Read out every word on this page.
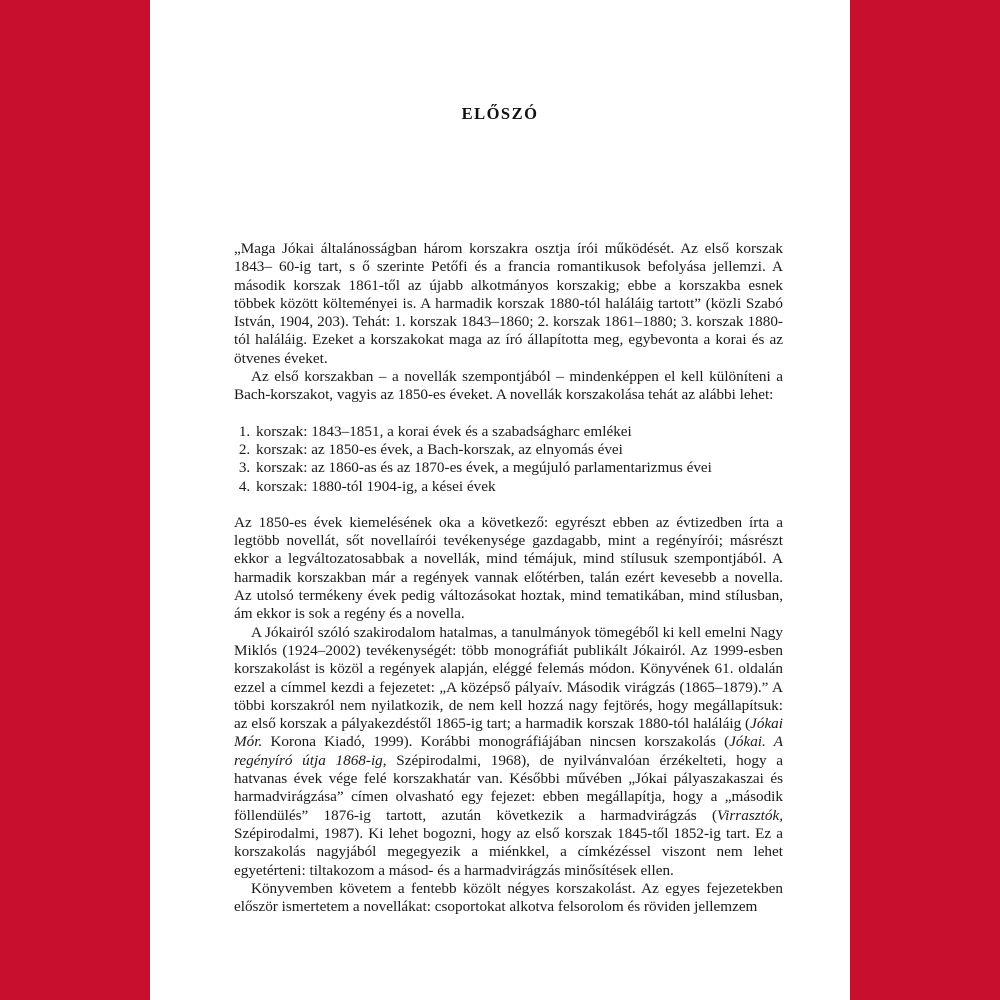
ELŐSZÓ

„Maga Jókai általánosságban három korszakra osztja írói működését. Az első korszak 1843– 60-ig tart, s ő szerinte Petőfi és a francia romantikusok befolyása jellemzi. A második korszak 1861-től az újabb alkotmányos korszakig; ebbe a korszakba esnek többek között költeményei is. A harmadik korszak 1880-tól haláláig tartott” (közli Szabó István, 1904, 203). Tehát: 1. korszak 1843–1860; 2. korszak 1861–1880; 3. korszak 1880-tól haláláig. Ezeket a korszakokat maga az író állapította meg, egybevonta a korai és az ötvenes éveket.

Az első korszakban – a novellák szempontjából – mindenképpen el kell különíteni a Bach-korszakot, vagyis az 1850-es éveket. A novellák korszakolása tehát az alábbi lehet:

1. korszak: 1843–1851, a korai évek és a szabadságharc emlékei
2. korszak: az 1850-es évek, a Bach-korszak, az elnyomás évei
3. korszak: az 1860-as és az 1870-es évek, a megújuló parlamentarizmus évei
4. korszak: 1880-tól 1904-ig, a kései évek

Az 1850-es évek kiemelésének oka a következő: egyrészt ebben az évtizedben írta a legtöbb novellát, sőt novellaírói tevékenysége gazdagabb, mint a regényírói; másrészt ekkor a legváltozatosabbak a novellák, mind témájuk, mind stílusuk szempontjából. A harmadik korszakban már a regények vannak előtérben, talán ezért kevesebb a novella. Az utolsó termékeny évek pedig változásokat hoztak, mind tematikában, mind stílusban, ám ekkor is sok a regény és a novella.

A Jókairól szóló szakirodalom hatalmas, a tanulmányok tömegéből ki kell emelni Nagy Miklós (1924–2002) tevékenységét: több monográfiát publikált Jókairól. Az 1999-esben korszakolást is közöl a regények alapján, eléggé felemás módon. Könyvének 61. oldalán ezzel a címmel kezdi a fejezetet: „A középső pályaív. Második virágzás (1865–1879).” A többi korszakról nem nyilatkozik, de nem kell hozzá nagy fejtörés, hogy megállapítsuk: az első korszak a pályakezdéstől 1865-ig tart; a harmadik korszak 1880-tól haláláig (Jókai Mór. Korona Kiadó, 1999). Korábbi monográfiájában nincsen korszakolás (Jókai. A regényíró útja 1868-ig, Szépirodalmi, 1968), de nyilvánvalóan érzékelteti, hogy a hatvanas évek vége felé korszakhatár van. Későbbi művében „Jókai pályaszakaszai és harmadvirágzása” címen olvasható egy fejezet: ebben megállapítja, hogy a „második föllendülés” 1876-ig tartott, azután következik a harmadvirágzás (Virrasztók, Szépirodalmi, 1987). Ki lehet bogozni, hogy az első korszak 1845-től 1852-ig tart. Ez a korszakolás nagyjából megegyezik a miénkkel, a címkézéssel viszont nem lehet egyetérteni: tiltakozom a másod- és a harmadvirágzás minősítések ellen.

Könyvemben követem a fentebb közölt négyes korszakolást. Az egyes fejezetekben először ismertetem a novellákat: csoportokat alkotva felsorolom és röviden jellemzem
